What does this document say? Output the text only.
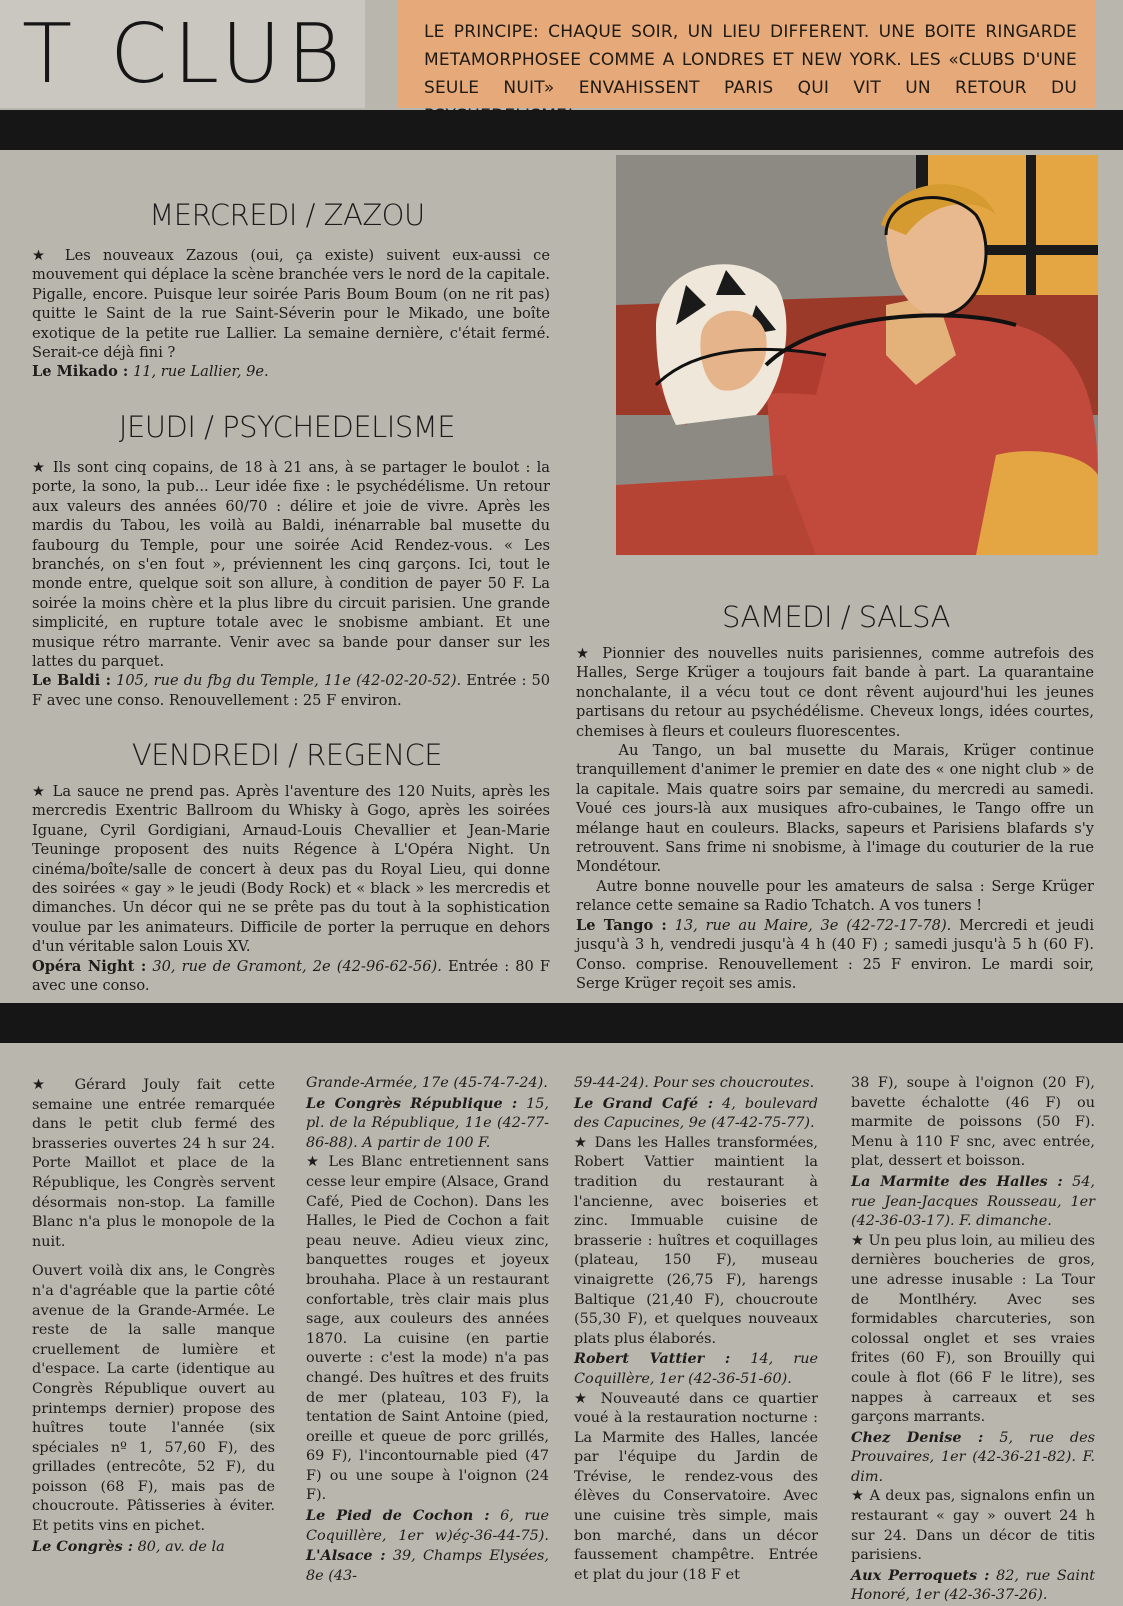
T CLUB	LE PRINCIPE: CHAQUE SOIR, UN LIEU DIFFERENT. UNE BOITE RINGARDE METAMORPHOSEE COMME A LONDRES ET NEW YORK. LES «CLUBS D'UNE SEULE NUIT» ENVAHISSENT PARIS QUI VIT UN RETOUR DU

MERCREDI / ZAZOU

★ Les nouveaux Zazous (oui, ça existe) suivent eux-aussi ce mouvement qui déplace la scène branchée vers le nord de la capitale. Pigalle, encore. Puisque leur soirée Paris Boum Boum (on ne rit pas) quitte le Saint de la rue Saint-Séverin pour le Mikado, une boîte exotique de la petite rue Lallier. La semaine dernière, c'était fermé. Serait-ce déjà fini ?
Le Mikado : 11, rue Lallier, 9e.

JEUDI / PSYCHEDELISME

★ Ils sont cinq copains, de 18 à 21 ans, à se partager le boulot : la porte, la sono, la pub... Leur idée fixe : le psychédélisme. Un retour aux valeurs des années 60/70 : délire et joie de vivre. Après les mardis du Tabou, les voilà au Baldi, inénarrable bal musette du faubourg du Temple, pour une soirée Acid Rendez-vous. « Les branchés, on s'en fout », préviennent les cinq garçons. Ici, tout le monde entre, quelque soit son allure, à condition de payer 50 F. La soirée la moins chère et la plus libre du circuit parisien. Une grande simplicité, en rupture totale avec le snobisme ambiant. Et une musique rétro marrante. Venir avec sa bande pour danser sur les lattes du parquet.
Le Baldi : 105, rue du fbg du Temple, 11e (42-02-20-52). Entrée : 50 F avec une conso. Renouvellement : 25 F environ.

VENDREDI / REGENCE

★ La sauce ne prend pas. Après l'aventure des 120 Nuits, après les mercredis Exentric Ballroom du Whisky à Gogo, après les soirées Iguane, Cyril Gordigiani, Arnaud-Louis Chevallier et Jean-Marie Teuninge proposent des nuits Régence à L'Opéra Night. Un cinéma/boîte/salle de concert à deux pas du Royal Lieu, qui donne des soirées « gay » le jeudi (Body Rock) et « black » les mercredis et dimanches. Un décor qui ne se prête pas du tout à la sophistication voulue par les animateurs. Difficile de porter la perruque en dehors d'un véritable salon Louis XV.
Opéra Night : 30, rue de Gramont, 2e (42-96-62-56). Entrée : 80 F avec une conso.

SAMEDI / SALSA

★ Pionnier des nouvelles nuits parisiennes, comme autrefois des Halles, Serge Krüger a toujours fait bande à part. La quarantaine nonchalante, il a vécu tout ce dont rêvent aujourd'hui les jeunes partisans du retour au psychédélisme. Cheveux longs, idées courtes, chemises à fleurs et couleurs fluorescentes.
Au Tango, un bal musette du Marais, Krüger continue tranquillement d'animer le premier en date des « one night club » de la capitale. Mais quatre soirs par semaine, du mercredi au samedi. Voué ces jours-là aux musiques afro-cubaines, le Tango offre un mélange haut en couleurs. Blacks, sapeurs et Parisiens blafards s'y retrouvent. Sans frime ni snobisme, à l'image du couturier de la rue Mondétour.
Autre bonne nouvelle pour les amateurs de salsa : Serge Krüger relance cette semaine sa Radio Tchatch. A vos tuners !
Le Tango : 13, rue au Maire, 3e (42-72-17-78). Mercredi et jeudi jusqu'à 3 h, vendredi jusqu'à 4 h (40 F) ; samedi jusqu'à 5 h (60 F). Conso. comprise. Renouvellement : 25 F environ. Le mardi soir, Serge Krüger reçoit ses amis.

★ Gérard Jouly fait cette semaine une entrée remarquée dans le petit club fermé des brasseries ouvertes 24 h sur 24. Porte Maillot et place de la République, les Congrès servent désormais non-stop. La famille Blanc n'a plus le monopole de la nuit.

Ouvert voilà dix ans, le Congrès n'a d'agréable que la partie côté avenue de la Grande-Armée. Le reste de la salle manque cruellement de lumière et d'espace. La carte (identique au Congrès République ouvert au printemps dernier) propose des huîtres toute l'année (six spéciales nº 1, 57,60 F), des grillades (entrecôte, 52 F), du poisson (68 F), mais pas de choucroute. Pâtisseries à éviter. Et petits vins en pichet.

Le Congrès : 80, av. de la

Grande-Armée, 17e (45-74-7-24).

Le Congrès République : 15, pl. de la République, 11e (42-77-86-88). A partir de 100 F.

★ Les Blanc entretiennent sans cesse leur empire (Alsace, Grand Café, Pied de Cochon). Dans les Halles, le Pied de Cochon a fait peau neuve. Adieu vieux zinc, banquettes rouges et joyeux brouhaha. Place à un restaurant confortable, très clair mais plus sage, aux couleurs des années 1870. La cuisine (en partie ouverte : c'est la mode) n'a pas changé. Des huîtres et des fruits de mer (plateau, 103 F), la tentation de Saint Antoine (pied, oreille et queue de porc grillés, 69 F), l'incontournable pied (47 F) ou une soupe à l'oignon (24 F).

Le Pied de Cochon : 6, rue Coquillère, 1er w)éç-36-44-75). L'Alsace : 39, Champs Elysées, 8e (43-

59-44-24). Pour ses choucroutes.

Le Grand Café : 4, boulevard des Capucines, 9e (47-42-75-77).

★ Dans les Halles transformées, Robert Vattier maintient la tradition du restaurant à l'ancienne, avec boiseries et zinc. Immuable cuisine de brasserie : huîtres et coquillages (plateau, 150 F), museau vinaigrette (26,75 F), harengs Baltique (21,40 F), choucroute (55,30 F), et quelques nouveaux plats plus élaborés.

Robert Vattier : 14, rue Coquillère, 1er (42-36-51-60).

★ Nouveauté dans ce quartier voué à la restauration nocturne : La Marmite des Halles, lancée par l'équipe du Jardin de Trévise, le rendez-vous des élèves du Conservatoire. Avec une cuisine très simple, mais bon marché, dans un décor faussement champêtre. Entrée et plat du jour (18 F et

38 F), soupe à l'oignon (20 F), bavette échalotte (46 F) ou marmite de poissons (50 F). Menu à 110 F snc, avec entrée, plat, dessert et boisson.

La Marmite des Halles : 54, rue Jean-Jacques Rousseau, 1er (42-36-03-17). F. dimanche.

★ Un peu plus loin, au milieu des dernières boucheries de gros, une adresse inusable : La Tour de Montlhéry. Avec ses formidables charcuteries, son colossal onglet et ses vraies frites (60 F), son Brouilly qui coule à flot (66 F le litre), ses nappes à carreaux et ses garçons marrants.

Chez Denise : 5, rue des Prouvaires, 1er (42-36-21-82). F. dim.

★ A deux pas, signalons enfin un restaurant « gay » ouvert 24 h sur 24. Dans un décor de titis parisiens.

Aux Perroquets : 82, rue Saint Honoré, 1er (42-36-37-26).
